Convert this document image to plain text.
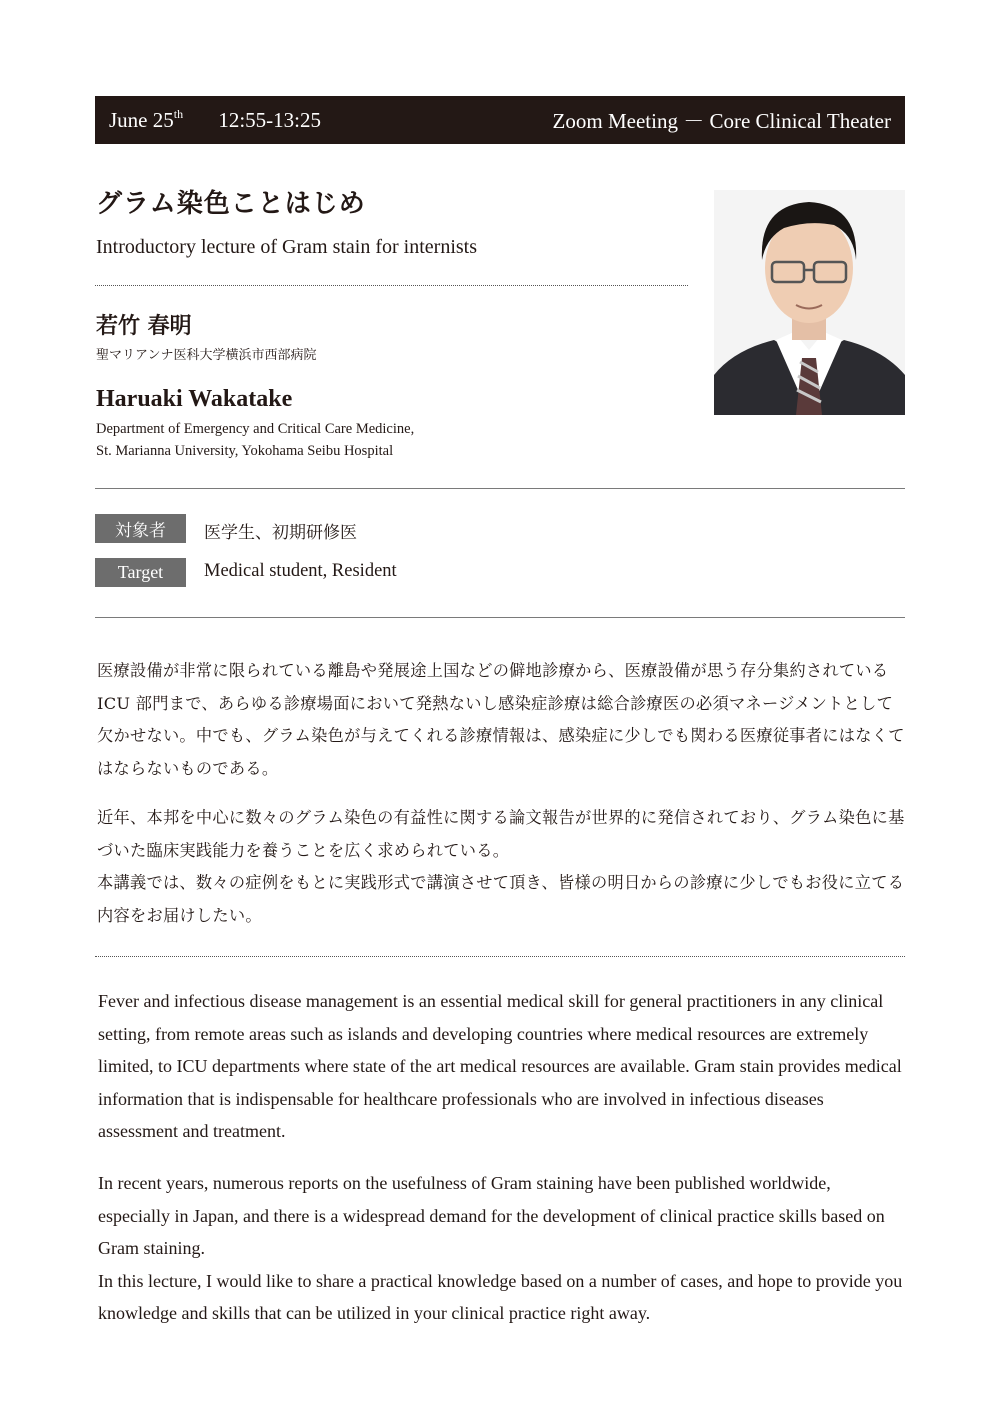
June 25th 12:55-13:25	Zoom Meeting － Core Clinical Theater
グラム染色ことはじめ

Introductory lecture of Gram stain for internists

若竹 春明

聖マリアンナ医科大学横浜市西部病院

Haruaki Wakatake

Department of Emergency and Critical Care Medicine,
St. Marianna University, Yokohama Seibu Hospital

対象者	医学生、初期研修医
Target	Medical student, Resident

医療設備が非常に限られている離島や発展途上国などの僻地診療から、医療設備が思う存分集約されている ICU 部門まで、あらゆる診療場面において発熱ないし感染症診療は総合診療医の必須マネージメントとして欠かせない。中でも、グラム染色が与えてくれる診療情報は、感染症に少しでも関わる医療従事者にはなくてはならないものである。

近年、本邦を中心に数々のグラム染色の有益性に関する論文報告が世界的に発信されており、グラム染色に基づいた臨床実践能力を養うことを広く求められている。
本講義では、数々の症例をもとに実践形式で講演させて頂き、皆様の明日からの診療に少しでもお役に立てる内容をお届けしたい。

Fever and infectious disease management is an essential medical skill for general practitioners in any clinical setting, from remote areas such as islands and developing countries where medical resources are extremely limited, to ICU departments where state of the art medical resources are available. Gram stain provides medical information that is indispensable for healthcare professionals who are involved in infectious diseases assessment and treatment.

In recent years, numerous reports on the usefulness of Gram staining have been published worldwide, especially in Japan, and there is a widespread demand for the development of clinical practice skills based on Gram staining.
In this lecture, I would like to share a practical knowledge based on a number of cases, and hope to provide you knowledge and skills that can be utilized in your clinical practice right away.
